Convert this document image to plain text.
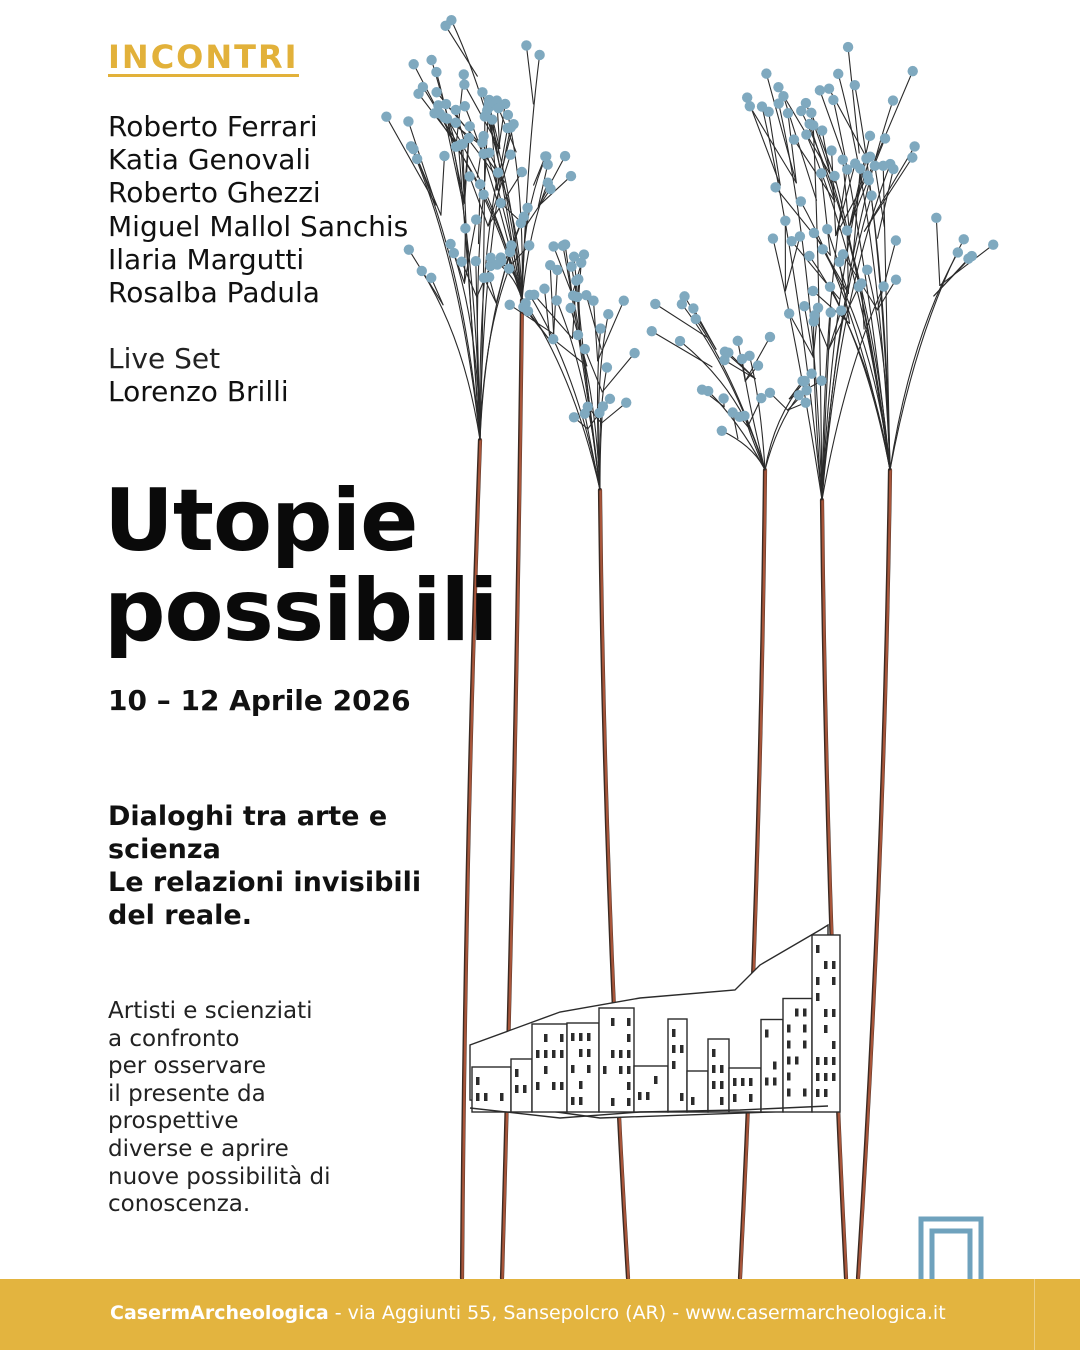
INCONTRI
Roberto Ferrari
Katia Genovali
Roberto Ghezzi
Miguel Mallol Sanchis
Ilaria Margutti
Rosalba Padula
Live Set
Lorenzo Brilli
Utopie
possibili
10 – 12 Aprile 2026
Dialoghi tra arte e
scienza
Le relazioni invisibili
del reale.
Artisti e scienziati
a confronto
per osservare
il presente da
prospettive
diverse e aprire
nuove possibilità di
conoscenza.
CasermArcheologica - via Aggiunti 55, Sansepolcro (AR) - www.casermarcheologica.it
